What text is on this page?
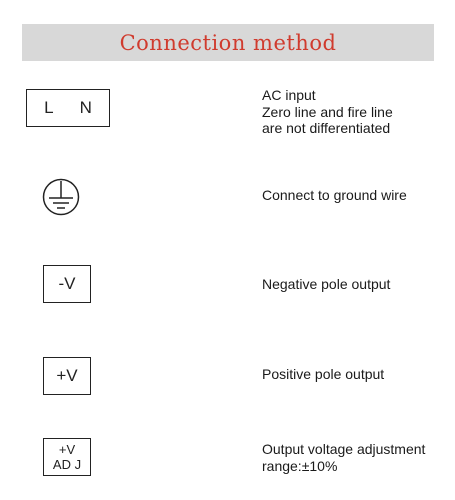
Connection method
L N
AC input
Zero line and fire line
are not differentiated
Connect to ground wire
-V	Negative pole output
+V	Positive pole output
+V
AD J
Output voltage adjustment
range:±10%
